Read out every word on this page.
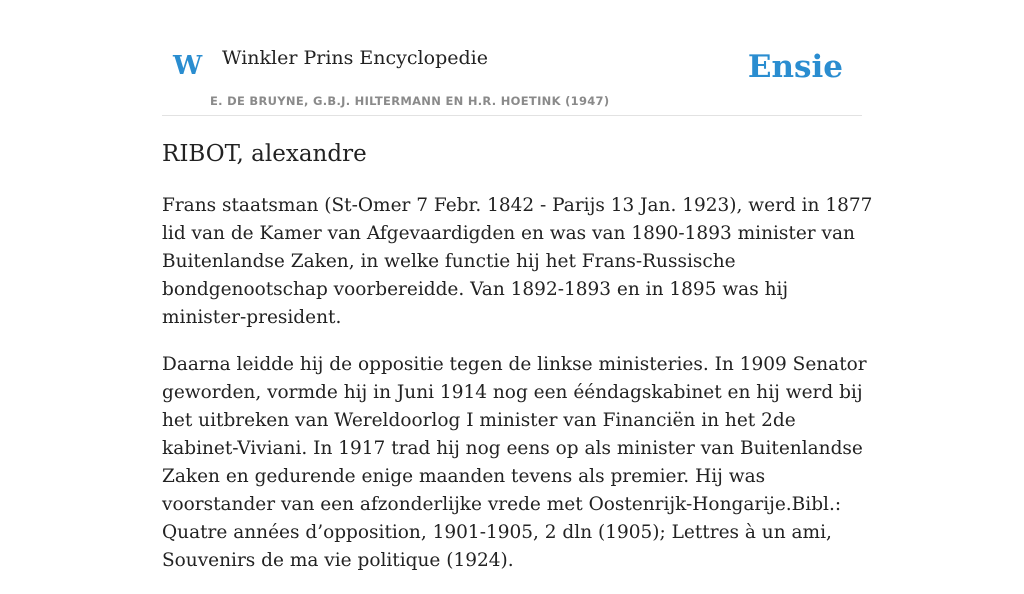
W Winkler Prins Encyclopedie
E. DE BRUYNE, G.B.J. HILTERMANN EN H.R. HOETINK (1947)
Ensie
RIBOT, alexandre

Frans staatsman (St-Omer 7 Febr. 1842 - Parijs 13 Jan. 1923), werd in 1877 lid van de Kamer van Afgevaardigden en was van 1890-1893 minister van Buitenlandse Zaken, in welke functie hij het Frans-Russische bondgenootschap voorbereidde. Van 1892-1893 en in 1895 was hij minister-president.

Daarna leidde hij de oppositie tegen de linkse ministeries. In 1909 Senator geworden, vormde hij in Juni 1914 nog een ééndagskabinet en hij werd bij het uitbreken van Wereldoorlog I minister van Financiën in het 2de kabinet-Viviani. In 1917 trad hij nog eens op als minister van Buitenlandse Zaken en gedurende enige maanden tevens als premier. Hij was voorstander van een afzonderlijke vrede met Oostenrijk-Hongarije.Bibl.: Quatre années d’opposition, 1901-1905, 2 dln (1905); Lettres à un ami, Souvenirs de ma vie politique (1924).
